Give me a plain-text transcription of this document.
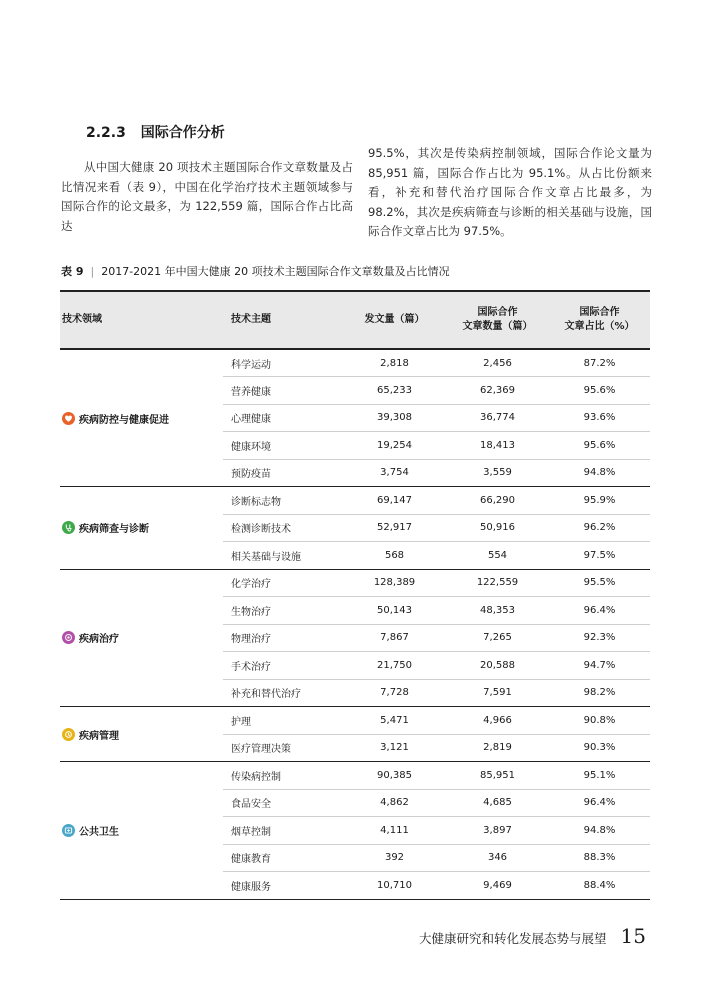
2.2.3 国际合作分析

从中国大健康 20 项技术主题国际合作文章数量及占比情况来看（表 9），中国在化学治疗技术主题领域参与国际合作的论文最多，为 122,559 篇，国际合作占比高达

95.5%，其次是传染病控制领域，国际合作论文量为 85,951 篇，国际合作占比为 95.1%。从占比份额来看，补充和替代治疗国际合作文章占比最多，为 98.2%，其次是疾病筛查与诊断的相关基础与设施，国际合作文章占比为 97.5%。

表 9 | 2017-2021 年中国大健康 20 项技术主题国际合作文章数量及占比情况
技术领域	技术主题	发文量（篇）	国际合作
文章数量（篇）	国际合作
文章占比（%）

疾病防控与健康促进	科学运动	2,818	2,456	87.2%
	营养健康	65,233	62,369	95.6%
	心理健康	39,308	36,774	93.6%
	健康环境	19,254	18,413	95.6%
	预防疫苗	3,754	3,559	94.8%

疾病筛查与诊断	诊断标志物	69,147	66,290	95.9%
	检测诊断技术	52,917	50,916	96.2%
	相关基础与设施	568	554	97.5%

疾病治疗	化学治疗	128,389	122,559	95.5%
	生物治疗	50,143	48,353	96.4%
	物理治疗	7,867	7,265	92.3%
	手术治疗	21,750	20,588	94.7%
	补充和替代治疗	7,728	7,591	98.2%

疾病管理	护理	5,471	4,966	90.8%
	医疗管理决策	3,121	2,819	90.3%

公共卫生	传染病控制	90,385	85,951	95.1%
	食品安全	4,862	4,685	96.4%
	烟草控制	4,111	3,897	94.8%
	健康教育	392	346	88.3%
	健康服务	10,710	9,469	88.4%
大健康研究和转化发展态势与展望 15
